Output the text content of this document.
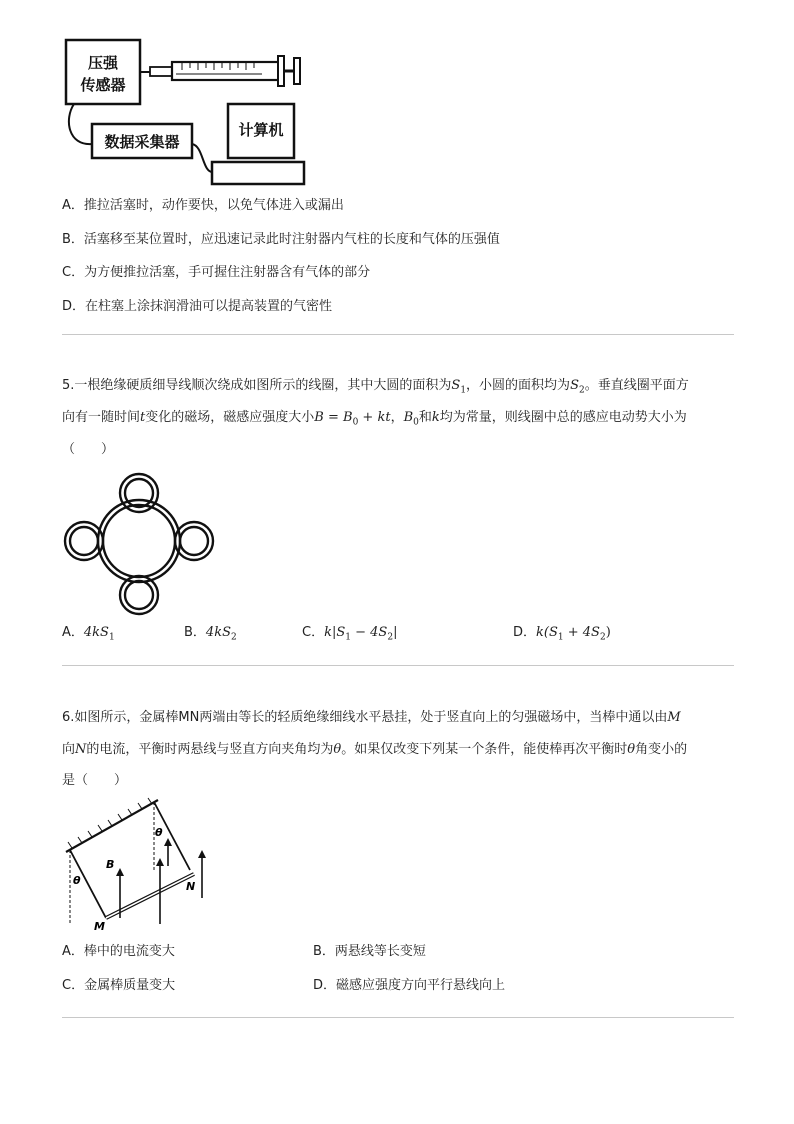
压强
传感器
数据采集器
计算机
A．推拉活塞时，动作要快，以免气体进入或漏出
B．活塞移至某位置时，应迅速记录此时注射器内气柱的长度和气体的压强值
C．为方便推拉活塞，手可握住注射器含有气体的部分
D．在柱塞上涂抹润滑油可以提高装置的气密性
5.一根绝缘硬质细导线顺次绕成如图所示的线圈，其中大圆的面积为$S_1$，小圆的面积均为$S_2$。垂直线圈平面方
向有一随时间t变化的磁场，磁感应强度大小$B = B_0$ + kt，$B_0$和k均为常量，则线圈中总的感应电动势大小为
（　　）
A．$4kS_1$	B．$4kS_2$	C．$k|S_1 - 4S_2|$	D．$k(S_1 + 4S_2)$
6.如图所示，金属棒MN两端由等长的轻质绝缘细线水平悬挂，处于竖直向上的匀强磁场中，当棒中通以由M
向N的电流，平衡时两悬线与竖直方向夹角均为θ。如果仅改变下列某一个条件，能使棒再次平衡时θ角变小的
是（　　）
B
θ
θ
M
N
A．棒中的电流变大	B．两悬线等长变短
C．金属棒质量变大	D．磁感应强度方向平行悬线向上
